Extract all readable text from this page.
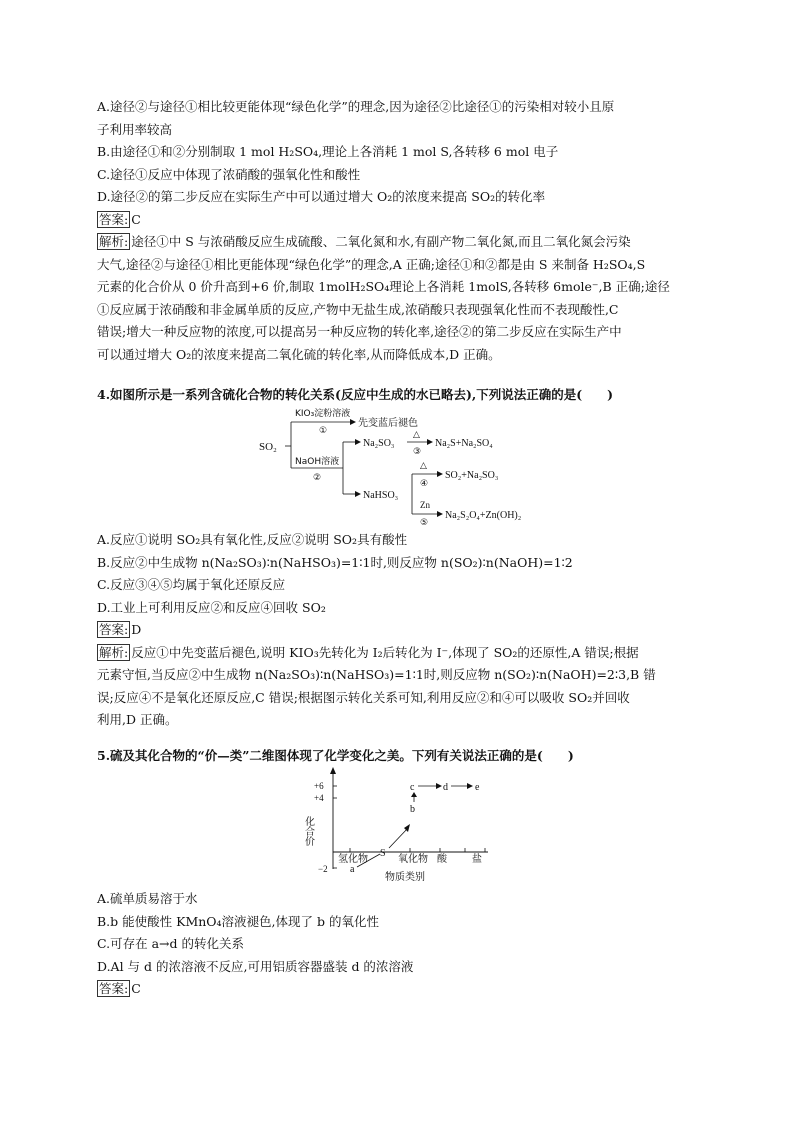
A.途径②与途径①相比较更能体现“绿色化学”的理念,因为途径②比途径①的污染相对较小且原
子利用率较高
B.由途径①和②分别制取 1 mol H₂SO₄,理论上各消耗 1 mol S,各转移 6 mol 电子
C.途径①反应中体现了浓硝酸的强氧化性和酸性
D.途径②的第二步反应在实际生产中可以通过增大 O₂的浓度来提高 SO₂的转化率
答案: C
解析: 途径①中 S 与浓硝酸反应生成硫酸、二氧化氮和水,有副产物二氧化氮,而且二氧化氮会污染
大气,途径②与途径①相比更能体现“绿色化学”的理念,A 正确;途径①和②都是由 S 来制备 H₂SO₄,S
元素的化合价从 0 价升高到+6 价,制取 1molH₂SO₄理论上各消耗 1molS,各转移 6mole⁻,B 正确;途径
①反应属于浓硝酸和非金属单质的反应,产物中无盐生成,浓硝酸只表现强氧化性而不表现酸性,C
错误;增大一种反应物的浓度,可以提高另一种反应物的转化率,途径②的第二步反应在实际生产中
可以通过增大 O₂的浓度来提高二氧化硫的转化率,从而降低成本,D 正确。
4.如图所示是一系列含硫化合物的转化关系(反应中生成的水已略去),下列说法正确的是(　　)
SO₂
KIO₃淀粉溶液
①
先变蓝后褪色
NaOH溶液
②
Na₂SO₃
△
③
Na₂S+Na₂SO₄
NaHSO₃
△
④
SO₂+Na₂SO₃
Zn
⑤
Na₂S₂O₄+Zn(OH)₂
A.反应①说明 SO₂具有氧化性,反应②说明 SO₂具有酸性
B.反应②中生成物 n(Na₂SO₃)∶n(NaHSO₃)=1∶1时,则反应物 n(SO₂)∶n(NaOH)=1∶2
C.反应③④⑤均属于氧化还原反应
D.工业上可利用反应②和反应④回收 SO₂
答案: D
解析: 反应①中先变蓝后褪色,说明 KIO₃先转化为 I₂后转化为 I⁻,体现了 SO₂的还原性,A 错误;根据
元素守恒,当反应②中生成物 n(Na₂SO₃)∶n(NaHSO₃)=1∶1时,则反应物 n(SO₂)∶n(NaOH)=2∶3,B 错
误;反应④不是氧化还原反应,C 错误;根据图示转化关系可知,利用反应②和④可以吸收 SO₂并回收
利用,D 正确。
5.硫及其化合物的“价—类”二维图体现了化学变化之美。下列有关说法正确的是(　　)
+6
+4
−2
化合价
氢化物
S
氧化物 酸	盐
物质类别
a
b
c	d	e
A.硫单质易溶于水
B.b 能使酸性 KMnO₄溶液褪色,体现了 b 的氧化性
C.可存在 a→d 的转化关系
D.Al 与 d 的浓溶液不反应,可用铝质容器盛装 d 的浓溶液
答案: C
